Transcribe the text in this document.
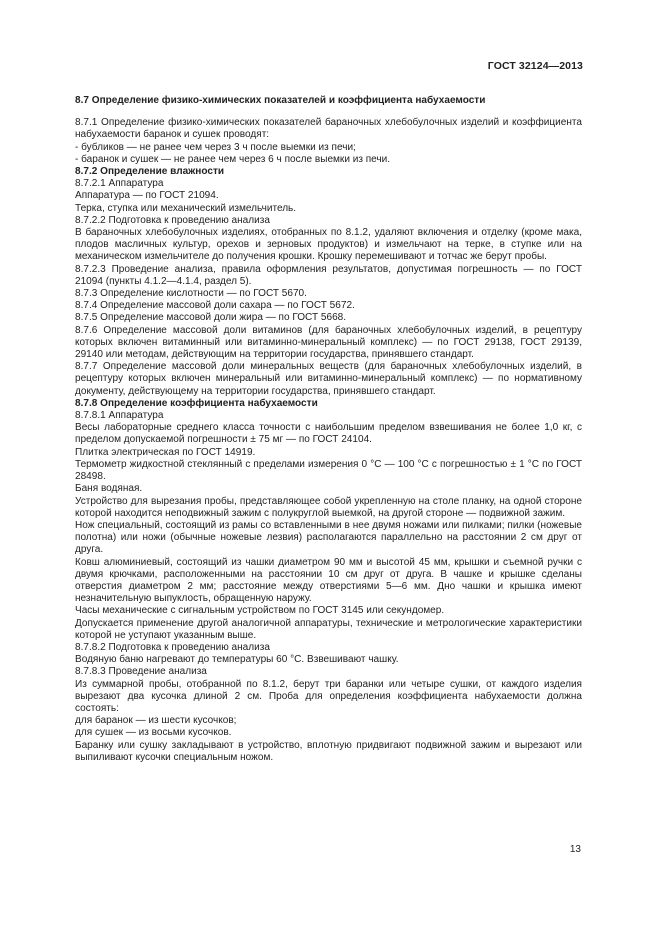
ГОСТ 32124—2013

8.7 Определение физико-химических показателей и коэффициента набухаемости

8.7.1 Определение физико-химических показателей бараночных хлебобулочных изделий и коэффициента набухаемости баранок и сушек проводят:

- бубликов — не ранее чем через 3 ч после выемки из печи;

- баранок и сушек — не ранее чем через 6 ч после выемки из печи.

8.7.2 Определение влажности

8.7.2.1 Аппаратура

Аппаратура — по ГОСТ 21094.

Терка, ступка или механический измельчитель.

8.7.2.2 Подготовка к проведению анализа

В бараночных хлебобулочных изделиях, отобранных по 8.1.2, удаляют включения и отделку (кроме мака, плодов масличных культур, орехов и зерновых продуктов) и измельчают на терке, в ступке или на механическом измельчителе до получения крошки. Крошку перемешивают и тотчас же берут пробы.

8.7.2.3 Проведение анализа, правила оформления результатов, допустимая погрешность — по ГОСТ 21094 (пункты 4.1.2—4.1.4, раздел 5).

8.7.3 Определение кислотности — по ГОСТ 5670.

8.7.4 Определение массовой доли сахара — по ГОСТ 5672.

8.7.5 Определение массовой доли жира — по ГОСТ 5668.

8.7.6 Определение массовой доли витаминов (для бараночных хлебобулочных изделий, в рецептуру которых включен витаминный или витаминно-минеральный комплекс) — по ГОСТ 29138, ГОСТ 29139, 29140 или методам, действующим на территории государства, принявшего стандарт.

8.7.7 Определение массовой доли минеральных веществ (для бараночных хлебобулочных изделий, в рецептуру которых включен минеральный или витаминно-минеральный комплекс) — по нормативному документу, действующему на территории государства, принявшего стандарт.

8.7.8 Определение коэффициента набухаемости

8.7.8.1 Аппаратура

Весы лабораторные среднего класса точности с наибольшим пределом взвешивания не более 1,0 кг, с пределом допускаемой погрешности ± 75 мг — по ГОСТ 24104.

Плитка электрическая по ГОСТ 14919.

Термометр жидкостной стеклянный с пределами измерения 0 °С — 100 °С с погрешностью ± 1 °С по ГОСТ 28498.

Баня водяная.

Устройство для вырезания пробы, представляющее собой укрепленную на столе планку, на одной стороне которой находится неподвижный зажим с полукруглой выемкой, на другой стороне — подвижной зажим.

Нож специальный, состоящий из рамы со вставленными в нее двумя ножами или пилками; пилки (ножевые полотна) или ножи (обычные ножевые лезвия) располагаются параллельно на расстоянии 2 см друг от друга.

Ковш алюминиевый, состоящий из чашки диаметром 90 мм и высотой 45 мм, крышки и съемной ручки с двумя крючками, расположенными на расстоянии 10 см друг от друга. В чашке и крышке сделаны отверстия диаметром 2 мм; расстояние между отверстиями 5—6 мм. Дно чашки и крышка имеют незначительную выпуклость, обращенную наружу.

Часы механические с сигнальным устройством по ГОСТ 3145 или секундомер.

Допускается применение другой аналогичной аппаратуры, технические и метрологические характеристики которой не уступают указанным выше.

8.7.8.2 Подготовка к проведению анализа

Водяную баню нагревают до температуры 60 °С. Взвешивают чашку.

8.7.8.3 Проведение анализа

Из суммарной пробы, отобранной по 8.1.2, берут три баранки или четыре сушки, от каждого изделия вырезают два кусочка длиной 2 см. Проба для определения коэффициента набухаемости должна состоять:

для баранок — из шести кусочков;

для сушек — из восьми кусочков.

Баранку или сушку закладывают в устройство, вплотную придвигают подвижной зажим и вырезают или выпиливают кусочки специальным ножом.

13
